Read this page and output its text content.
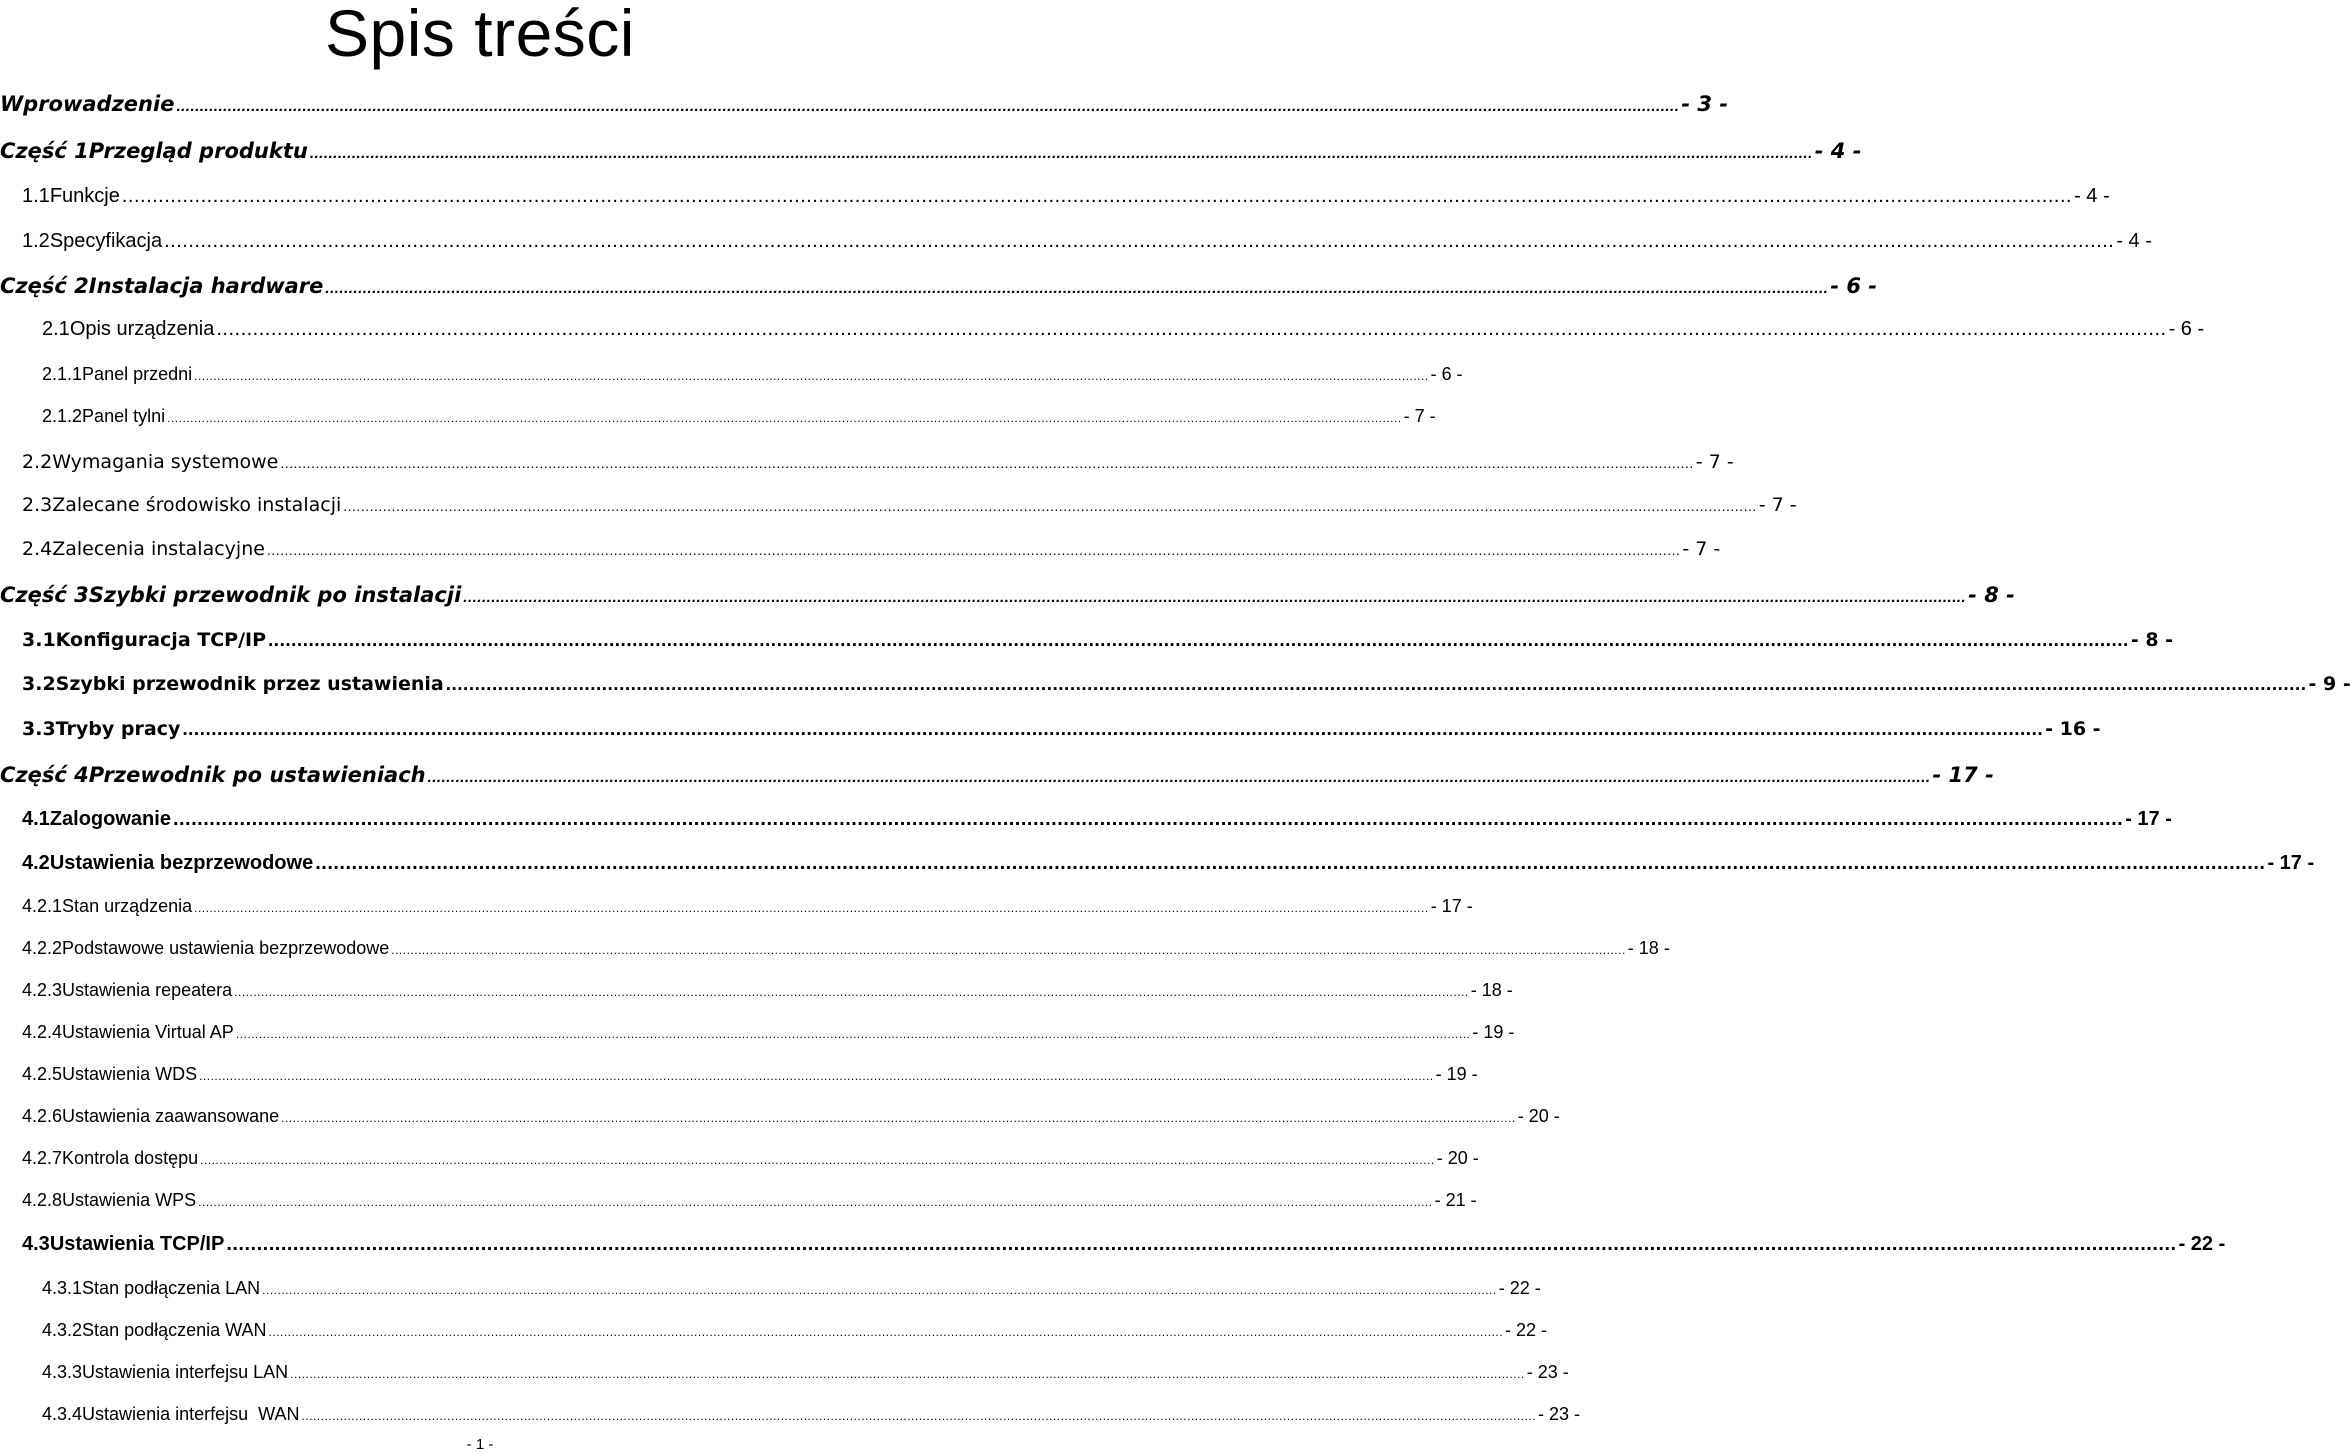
Spis treści
Wprowadzenie .....	- 3 -
Część 1 Przegląd produktu .....	- 4 -
1.1 Funkcje .....	- 4 -
1.2 Specyfikacja .....	- 4 -
Część 2 Instalacja hardware .....	- 6 -
2.1 Opis urządzenia .....	- 6 -
2.1.1 Panel przedni .....	- 6 -
2.1.2 Panel tylni .....	- 7 -
2.2 Wymagania systemowe .....	- 7 -
2.3 Zalecane środowisko instalacji .....	- 7 -
2.4 Zalecenia instalacyjne .....	- 7 -
Część 3 Szybki przewodnik po instalacji .....	- 8 -
3.1 Konfiguracja TCP/IP .....	- 8 -
3.2 Szybki przewodnik przez ustawienia .....	- 9 -
3.3 Tryby pracy .....	- 16 -
Część 4 Przewodnik po ustawieniach .....	- 17 -
4.1 Zalogowanie .....	- 17 -
4.2 Ustawienia bezprzewodowe .....	- 17 -
4.2.1 Stan urządzenia .....	- 17 -
4.2.2 Podstawowe ustawienia bezprzewodowe .....	- 18 -
4.2.3 Ustawienia repeatera .....	- 18 -
4.2.4 Ustawienia Virtual AP .....	- 19 -
4.2.5 Ustawienia WDS .....	- 19 -
4.2.6 Ustawienia zaawansowane .....	- 20 -
4.2.7 Kontrola dostępu .....	- 20 -
4.2.8 Ustawienia WPS .....	- 21 -
4.3 Ustawienia TCP/IP .....	- 22 -
4.3.1 Stan podłączenia LAN .....	- 22 -
4.3.2 Stan podłączenia WAN .....	- 22 -
4.3.3 Ustawienia interfejsu LAN .....	- 23 -
4.3.4 Ustawienia interfejsu  WAN .....	- 23 -
- 1 -
